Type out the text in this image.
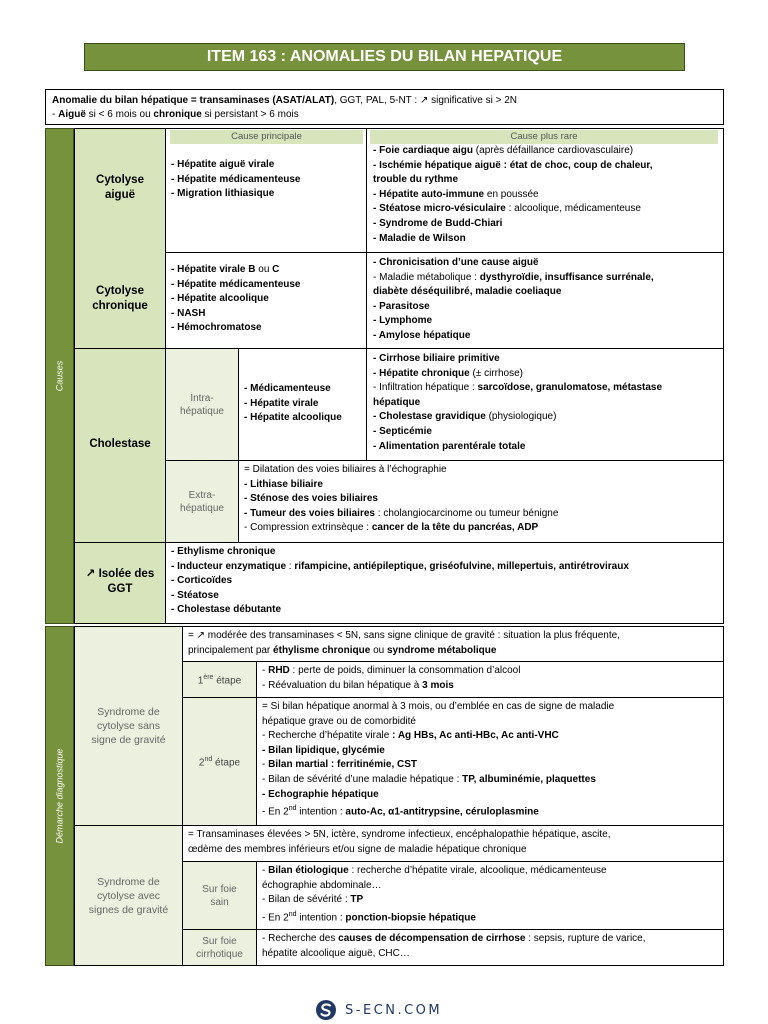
ITEM 163 : ANOMALIES DU BILAN HEPATIQUE
Anomalie du bilan hépatique = transaminases (ASAT/ALAT), GGT, PAL, 5-NT : ↗ significative si > 2N
- Aiguë si < 6 mois ou chronique si persistant > 6 mois
Causes
Cause principale	Cause plus rare
Cytolyse
aiguë
- Hépatite aiguë virale
- Hépatite médicamenteuse
- Migration lithiasique
- Foie cardiaque aigu (après défaillance cardiovasculaire)
- Ischémie hépatique aiguë : état de choc, coup de chaleur,
trouble du rythme
- Hépatite auto-immune en poussée
- Stéatose micro-vésiculaire : alcoolique, médicamenteuse
- Syndrome de Budd-Chiari
- Maladie de Wilson
Cytolyse
chronique
- Hépatite virale B ou C
- Hépatite médicamenteuse
- Hépatite alcoolique
- NASH
- Hémochromatose
- Chronicisation d’une cause aiguë
- Maladie métabolique : dysthyroïdie, insuffisance surrénale,
diabète déséquilibré, maladie coeliaque
- Parasitose
- Lymphome
- Amylose hépatique
Intra-
hépatique
Extra-
hépatique
Cholestase
- Médicamenteuse
- Hépatite virale
- Hépatite alcoolique
- Cirrhose biliaire primitive
- Hépatite chronique (± cirrhose)
- Infiltration hépatique : sarcoïdose, granulomatose, métastase
hépatique
- Cholestase gravidique (physiologique)
- Septicémie
- Alimentation parentérale totale
= Dilatation des voies biliaires à l’échographie
- Lithiase biliaire
- Sténose des voies biliaires
- Tumeur des voies biliaires : cholangiocarcinome ou tumeur bénigne
- Compression extrinsèque : cancer de la tête du pancréas, ADP
↗ Isolée des
GGT
- Ethylisme chronique
- Inducteur enzymatique : rifampicine, antiépileptique, griséofulvine, millepertuis, antirétroviraux
- Corticoïdes
- Stéatose
- Cholestase débutante
Démarche diagnostique
Syndrome de
cytolyse sans
signe de gravité
1ère étape
2nd étape
= ↗ modérée des transaminases < 5N, sans signe clinique de gravité : situation la plus fréquente,
principalement par éthylisme chronique ou syndrome métabolique
- RHD : perte de poids, diminuer la consommation d’alcool
- Réévaluation du bilan hépatique à 3 mois
= Si bilan hépatique anormal à 3 mois, ou d’emblée en cas de signe de maladie
hépatique grave ou de comorbidité
- Recherche d’hépatite virale : Ag HBs, Ac anti-HBc, Ac anti-VHC
- Bilan lipidique, glycémie
- Bilan martial : ferritinémie, CST
- Bilan de sévérité d’une maladie hépatique : TP, albuminémie, plaquettes
- Echographie hépatique
- En 2nd intention : auto-Ac, α1-antitrypsine, céruloplasmine
Syndrome de
cytolyse avec
signes de gravité
Sur foie
sain
Sur foie
cirrhotique
= Transaminases élevées > 5N, ictère, syndrome infectieux, encéphalopathie hépatique, ascite,
œdème des membres inférieurs et/ou signe de maladie hépatique chronique
- Bilan étiologique : recherche d’hépatite virale, alcoolique, médicamenteuse
échographie abdominale…
- Bilan de sévérité : TP
- En 2nd intention : ponction-biopsie hépatique
- Recherche des causes de décompensation de cirrhose : sepsis, rupture de varice,
hépatite alcoolique aiguë, CHC…
S-ECN.COM
